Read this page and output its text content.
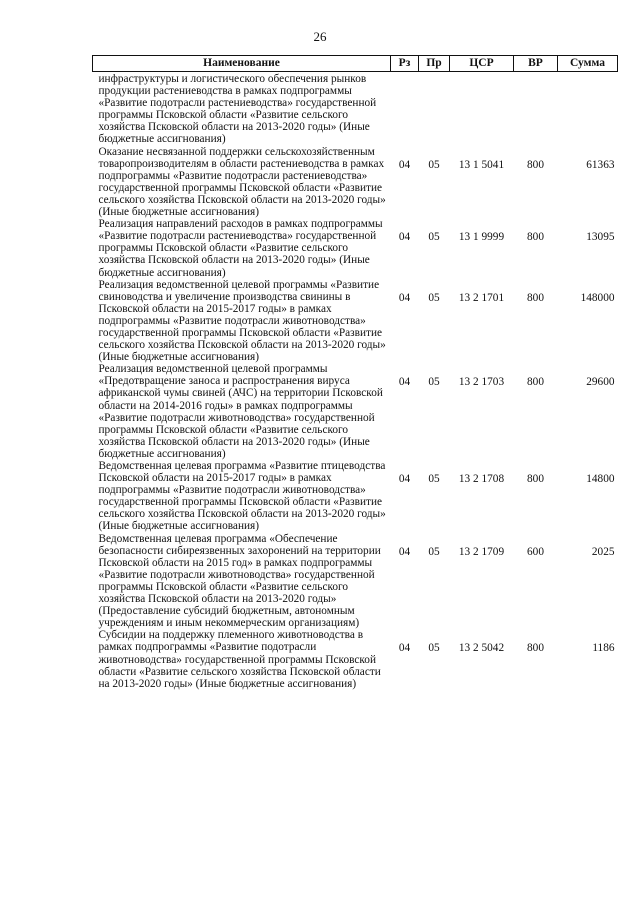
26
Наименование	Рз	Пр	ЦСР	ВР	Сумма
инфраструктуры и логистического обеспечения рынков продукции растениеводства в рамках подпрограммы «Развитие подотрасли растениеводства» государственной программы Псковской области «Развитие сельского хозяйства Псковской области на 2013-2020 годы» (Иные бюджетные ассигнования)					
Оказание несвязанной поддержки сельскохозяйственным товаропроизводителям в области растениеводства в рамках подпрограммы «Развитие подотрасли растениеводства» государственной программы Псковской области «Развитие сельского хозяйства Псковской области на 2013-2020 годы» (Иные бюджетные ассигнования)	04	05	13 1 5041	800	61363
Реализация направлений расходов в рамках подпрограммы «Развитие подотрасли растениеводства» государственной программы Псковской области «Развитие сельского хозяйства Псковской области на 2013-2020 годы» (Иные бюджетные ассигнования)	04	05	13 1 9999	800	13095
Реализация ведомственной целевой программы «Развитие свиноводства и увеличение производства свинины в Псковской области на 2015-2017 годы» в рамках подпрограммы «Развитие подотрасли животноводства» государственной программы Псковской области «Развитие сельского хозяйства Псковской области на 2013-2020 годы» (Иные бюджетные ассигнования)	04	05	13 2 1701	800	148000
Реализация ведомственной целевой программы «Предотвращение заноса и распространения вируса африканской чумы свиней (АЧС) на территории Псковской области на 2014-2016 годы» в рамках подпрограммы «Развитие подотрасли животноводства» государственной программы Псковской области «Развитие сельского хозяйства Псковской области на 2013-2020 годы» (Иные бюджетные ассигнования)	04	05	13 2 1703	800	29600
Ведомственная целевая программа «Развитие птицеводства Псковской области на 2015-2017 годы» в рамках подпрограммы «Развитие подотрасли животноводства» государственной программы Псковской области «Развитие сельского хозяйства Псковской области на 2013-2020 годы» (Иные бюджетные ассигнования)	04	05	13 2 1708	800	14800
Ведомственная целевая программа «Обеспечение безопасности сибиреязвенных захоронений на территории Псковской области на 2015 год» в рамках подпрограммы «Развитие подотрасли животноводства» государственной программы Псковской области «Развитие сельского хозяйства Псковской области на 2013-2020 годы» (Предоставление субсидий бюджетным, автономным учреждениям и иным некоммерческим организациям)	04	05	13 2 1709	600	2025
Субсидии на поддержку племенного животноводства в рамках подпрограммы «Развитие подотрасли животноводства» государственной программы Псковской области «Развитие сельского хозяйства Псковской области на 2013-2020 годы» (Иные бюджетные ассигнования)	04	05	13 2 5042	800	1186
